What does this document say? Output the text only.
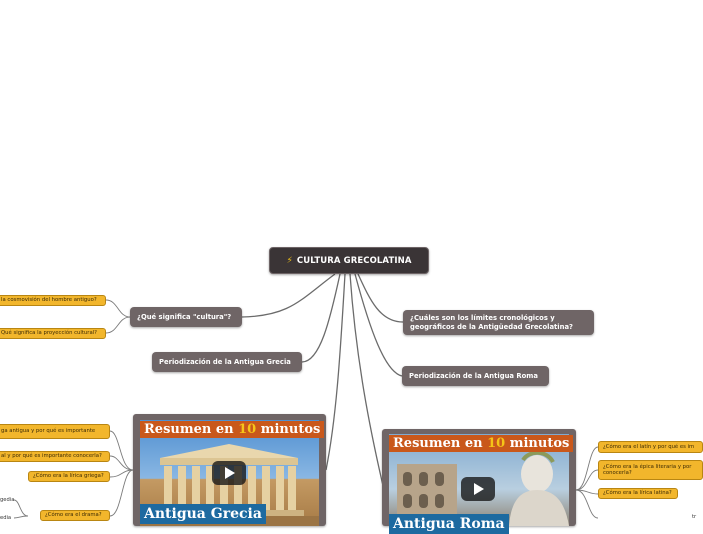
⚡ CULTURA GRECOLATINA
¿Qué significa "cultura"?
Periodización de la Antigua Grecia
¿Cuáles son los límites cronológicos y geográficos de la Antigüedad Grecolatina?
Periodización de la Antigua Roma
la cosmovisión del hombre antiguo?
Qué significa la proyección cultural?
ga antigua y por qué es importante
al y por qué es importante conocerla?
¿Cómo era la lírica griega?
¿Cómo era el drama?
gedia
edia
¿Cómo era el latín y por qué es im
¿Cómo era la épica literaria y por conocerla?
¿Cómo era la lírica latina?
tr
Resumen en 10 minutos
Antigua Grecia
Resumen en 10 minutos
Antigua Roma
